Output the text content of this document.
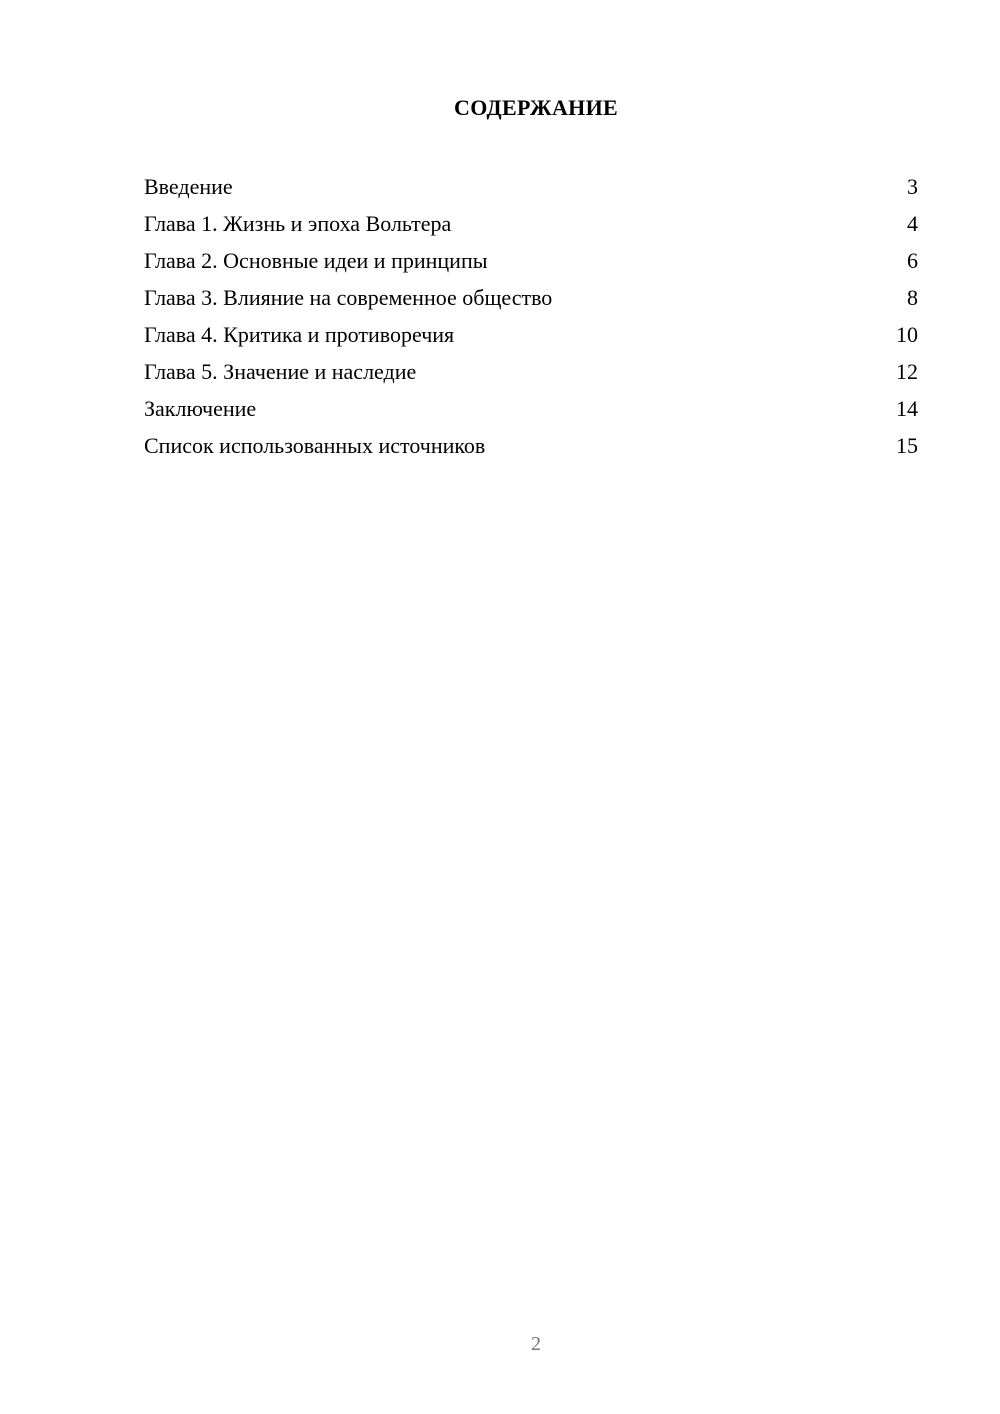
СОДЕРЖАНИЕ
Введение	3
Глава 1. Жизнь и эпоха Вольтера	4
Глава 2. Основные идеи и принципы	6
Глава 3. Влияние на современное общество	8
Глава 4. Критика и противоречия	10
Глава 5. Значение и наследие	12
Заключение	14
Список использованных источников	15
2
